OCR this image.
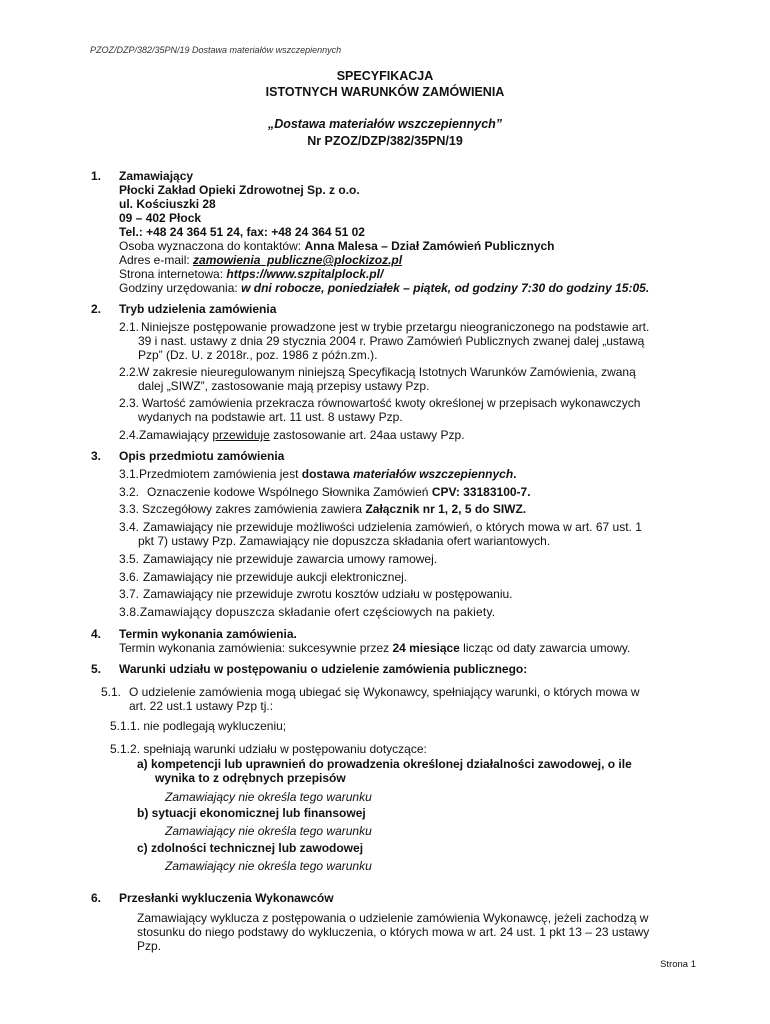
PZOZ/DZP/382/35PN/19 Dostawa materiałów wszczepiennych
SPECYFIKACJA
ISTOTNYCH WARUNKÓW ZAMÓWIENIA
„Dostawa materiałów wszczepiennych”
Nr PZOZ/DZP/382/35PN/19
1. Zamawiający
Płocki Zakład Opieki Zdrowotnej Sp. z o.o.
ul. Kościuszki 28
09 – 402 Płock
Tel.: +48 24 364 51 24, fax: +48 24 364 51 02
Osoba wyznaczona do kontaktów: Anna Malesa – Dział Zamówień Publicznych
Adres e-mail: zamowienia_publiczne@plockizoz.pl
Strona internetowa: https://www.szpitalplock.pl/
Godziny urzędowania: w dni robocze, poniedziałek – piątek, od godziny 7:30 do godziny 15:05.
2. Tryb udzielenia zamówienia
2.1. Niniejsze postępowanie prowadzone jest w trybie przetargu nieograniczonego na podstawie art.
39 i nast. ustawy z dnia 29 stycznia 2004 r. Prawo Zamówień Publicznych zwanej dalej „ustawą
Pzp” (Dz. U. z 2018r., poz. 1986 z późn.zm.).
2.2.
W zakresie nieuregulowanym niniejszą Specyfikacją Istotnych Warunków Zamówienia, zwaną
dalej „SIWZ”, zastosowanie mają przepisy ustawy Pzp.
2.3. Wartość zamówienia przekracza równowartość kwoty określonej w przepisach wykonawczych
wydanych na podstawie art. 11 ust. 8 ustawy Pzp.
2.4.Zamawiający przewiduje zastosowanie art. 24aa ustawy Pzp.
3. Opis przedmiotu zamówienia
3.1.Przedmiotem zamówienia jest dostawa materiałów wszczepiennych.
3.2. Oznaczenie kodowe Wspólnego Słownika Zamówień CPV: 33183100-7.
3.3. Szczegółowy zakres zamówienia zawiera Załącznik nr 1, 2, 5 do SIWZ.
3.4. Zamawiający nie przewiduje możliwości udzielenia zamówień, o których mowa w art. 67 ust. 1
pkt 7) ustawy Pzp. Zamawiający nie dopuszcza składania ofert wariantowych.
3.5. Zamawiający nie przewiduje zawarcia umowy ramowej.
3.6. Zamawiający nie przewiduje aukcji elektronicznej.
3.7. Zamawiający nie przewiduje zwrotu kosztów udziału w postępowaniu.
3.8.Zamawiający dopuszcza składanie ofert częściowych na pakiety.
4. Termin wykonania zamówienia.
Termin wykonania zamówienia: sukcesywnie przez 24 miesiące licząc od daty zawarcia umowy.
5. Warunki udziału w postępowaniu o udzielenie zamówienia publicznego:
5.1. O udzielenie zamówienia mogą ubiegać się Wykonawcy, spełniający warunki, o których mowa w
art. 22 ust.1 ustawy Pzp tj.:
5.1.1. nie podlegają wykluczeniu;
5.1.2. spełniają warunki udziału w postępowaniu dotyczące:
a) kompetencji lub uprawnień do prowadzenia określonej działalności zawodowej, o ile
wynika to z odrębnych przepisów
Zamawiający nie określa tego warunku
b) sytuacji ekonomicznej lub finansowej
Zamawiający nie określa tego warunku
c) zdolności technicznej lub zawodowej
Zamawiający nie określa tego warunku
6. Przesłanki wykluczenia Wykonawców
Zamawiający wyklucza z postępowania o udzielenie zamówienia Wykonawcę, jeżeli zachodzą w
stosunku do niego podstawy do wykluczenia, o których mowa w art. 24 ust. 1 pkt 13 – 23 ustawy
Pzp.
Strona 1
